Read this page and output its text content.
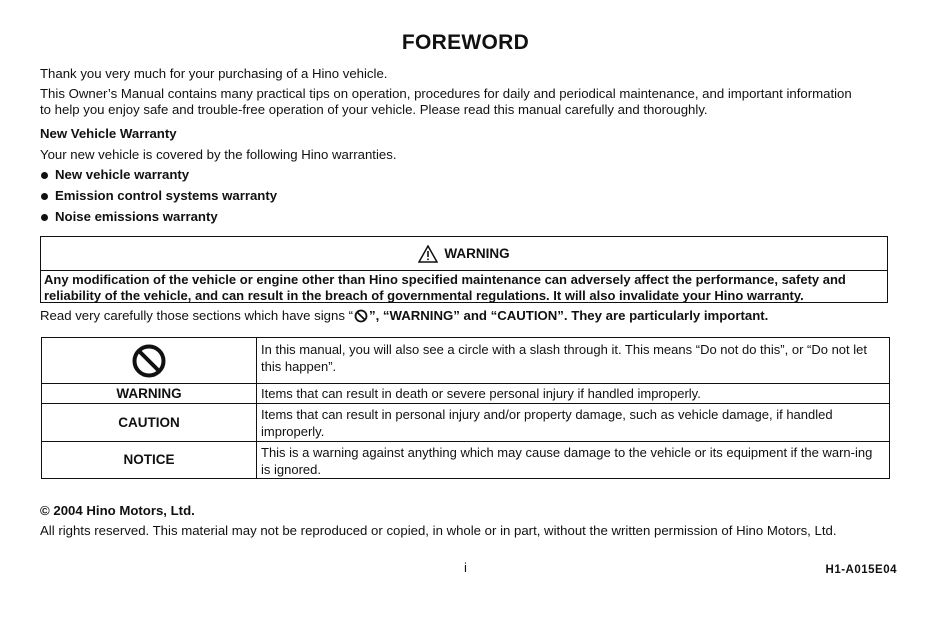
FOREWORD
Thank you very much for your purchasing of a Hino vehicle.
This Owner’s Manual contains many practical tips on operation, procedures for daily and periodical maintenance, and important information
to help you enjoy safe and trouble-free operation of your vehicle. Please read this manual carefully and thoroughly.
New Vehicle Warranty
Your new vehicle is covered by the following Hino warranties.
New vehicle warranty
Emission control systems warranty
Noise emissions warranty
WARNING
Any modification of the vehicle or engine other than Hino specified maintenance can adversely affect the performance, safety and
reliability of the vehicle, and can result in the breach of governmental regulations. It will also invalidate your Hino warranty.
Read very carefully those sections which have signs “ ”, “WARNING” and “CAUTION”. They are particularly important.
In this manual, you will also see a circle with a slash through it. This means “Do not do this”, or “Do not let this happen”.
WARNING	Items that can result in death or severe personal injury if handled improperly.
CAUTION	Items that can result in personal injury and/or property damage, such as vehicle damage, if handled improperly.
NOTICE	This is a warning against anything which may cause damage to the vehicle or its equipment if the warn-ing is ignored.
© 2004 Hino Motors, Ltd.
All rights reserved. This material may not be reproduced or copied, in whole or in part, without the written permission of Hino Motors, Ltd.
i	H1-A015E04
